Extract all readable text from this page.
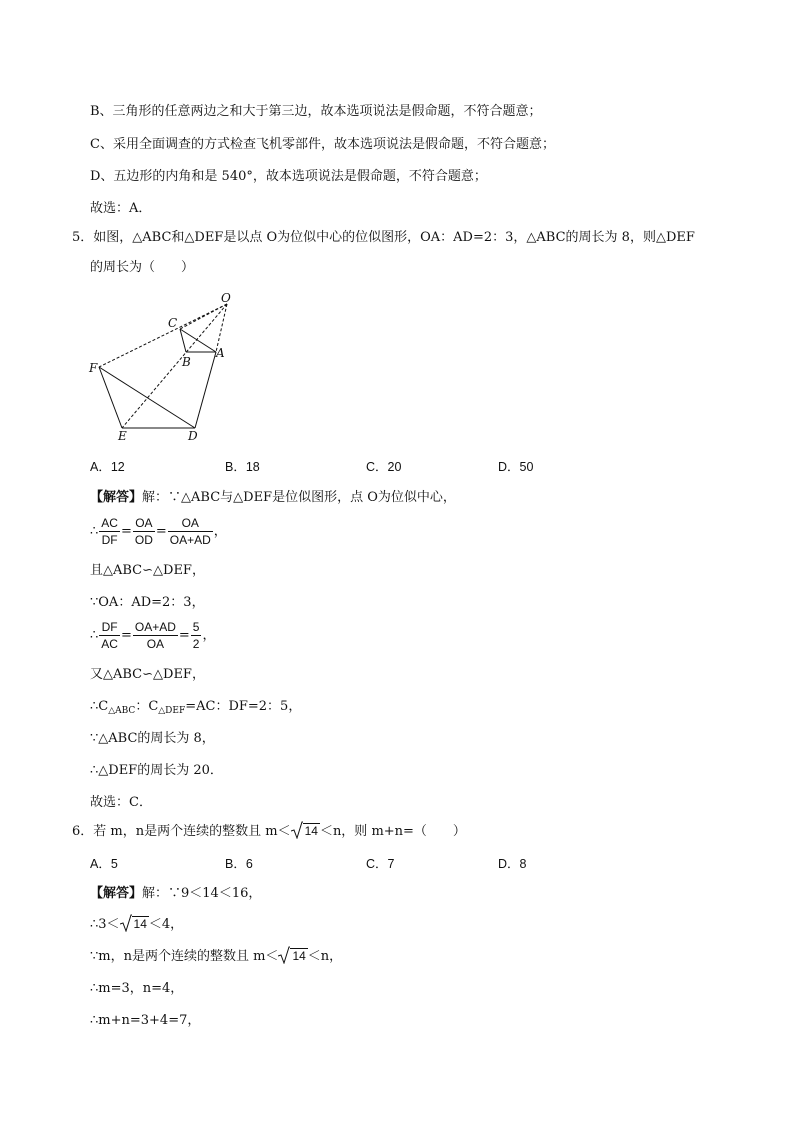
B、三角形的任意两边之和大于第三边，故本选项说法是假命题，不符合题意；
C、采用全面调查的方式检查飞机零部件，故本选项说法是假命题，不符合题意；
D、五边形的内角和是 540°，故本选项说法是假命题，不符合题意；
故选：A．
5．如图，△ABC和△DEF是以点 O为位似中心的位似图形，OA：AD=2：3，△ABC的周长为 8，则△DEF
的周长为（　　）
O
C
A
B
F
E	D
A．12	B．18	C．20	D．50
【解答】解：∵△ABC与△DEF是位似图形，点 O为位似中心，
∴ $\frac{AC}{DF} = \frac{OA}{OD} = \frac{OA}{OA+AD}$ ，
且△ABC∽△DEF，
∵OA：AD=2：3，
∴ $\frac{DF}{AC} = \frac{OA+AD}{OA} = \frac{5}{2}$ ，
又△ABC∽△DEF，
$\therefore C_{\triangle ABC}$：$C_{\triangle DEF}=AC$：DF=2：5，
∵△ABC的周长为 8，
∴△DEF的周长为 20．
故选：C．
6．若 m，n是两个连续的整数且 m＜ 14 ＜n，则 m+n=（　　）
A．5	B．6	C．7	D．8
【解答】解：∵9＜14＜16，
∴3＜ 14 ＜4，
∵m，n是两个连续的整数且 m＜ 14 ＜n，
∴m=3，n=4，
∴m+n=3+4=7，
